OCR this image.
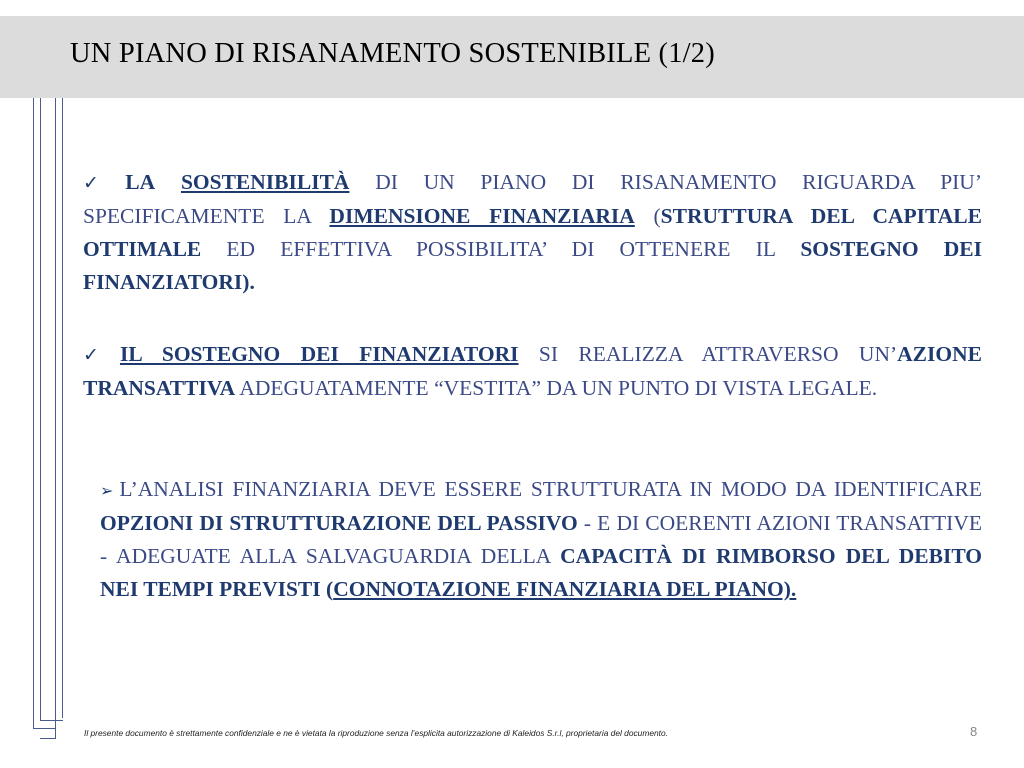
UN PIANO DI RISANAMENTO SOSTENIBILE (1/2)
✓ LA SOSTENIBILITÀ DI UN PIANO DI RISANAMENTO RIGUARDA PIU’ SPECIFICAMENTE LA DIMENSIONE FINANZIARIA (STRUTTURA DEL CAPITALE OTTIMALE ED EFFETTIVA POSSIBILITA’ DI OTTENERE IL SOSTEGNO DEI FINANZIATORI).
✓ IL SOSTEGNO DEI FINANZIATORI SI REALIZZA ATTRAVERSO UN’AZIONE TRANSATTIVA ADEGUATAMENTE “VESTITA” DA UN PUNTO DI VISTA LEGALE.
➢ L’ANALISI FINANZIARIA DEVE ESSERE STRUTTURATA IN MODO DA IDENTIFICARE OPZIONI DI STRUTTURAZIONE DEL PASSIVO - E DI COERENTI AZIONI TRANSATTIVE - ADEGUATE ALLA SALVAGUARDIA DELLA CAPACITÀ DI RIMBORSO DEL DEBITO NEI TEMPI PREVISTI (CONNOTAZIONE FINANZIARIA DEL PIANO).
Il presente documento è strettamente confidenziale e ne è vietata la riproduzione senza l’esplicita autorizzazione di Kaleidos S.r.l, proprietaria del documento.	8
